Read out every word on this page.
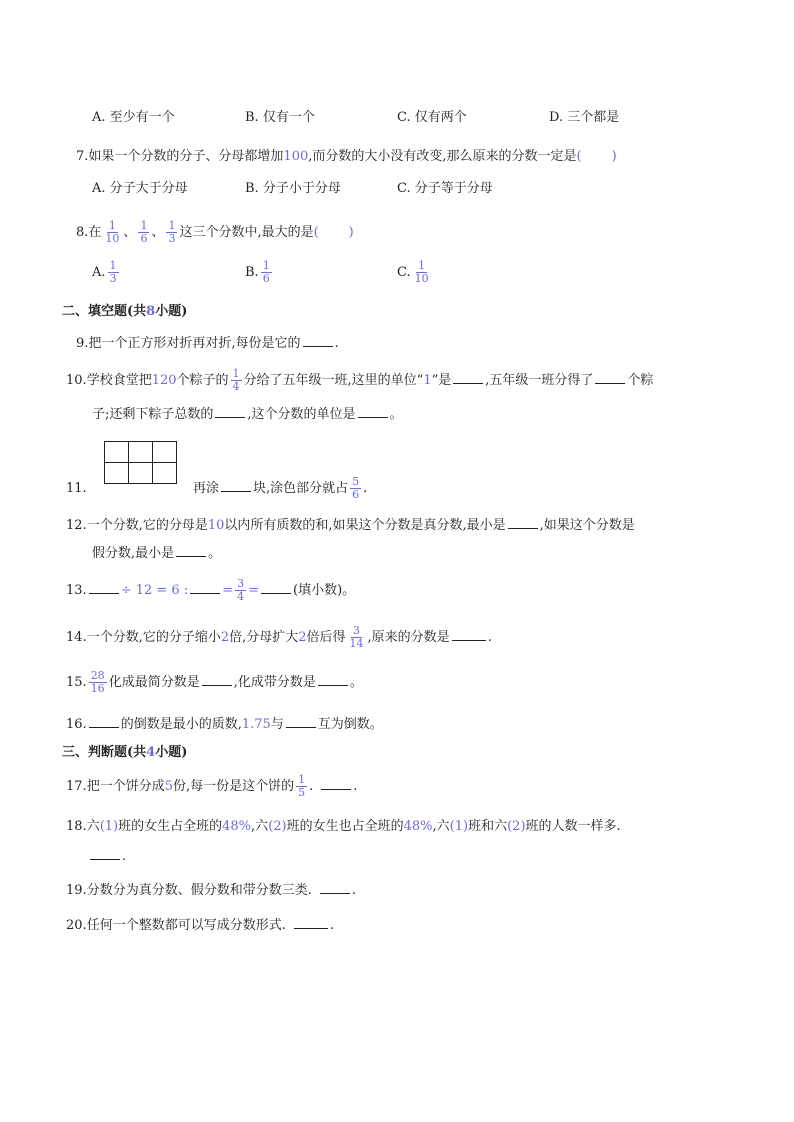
A. 至少有一个	B. 仅有一个	C. 仅有两个	D. 三个都是
7.如果一个分数的分子、分母都增加100,而分数的大小没有改变,那么原来的分数一定是( )
A. 分子大于分母	B. 分子小于分母	C. 分子等于分母
8.在 $\frac{1}{10}$ 、 $\frac{1}{6}$ 、 $\frac{1}{3}$ 这三个分数中,最大的是( )
A. $\frac{1}{3}$	B. $\frac{1}{6}$	C. $\frac{1}{10}$
二、填空题(共8小题)
9.把一个正方形对折再对折,每份是它的	.
10.学校食堂把120个粽子的 $\frac{1}{4}$ 分给了五年级一班,这里的单位“1”是	,五年级一班分得了	个粽
子;还剩下粽子总数的	,这个分数的单位是	。

11.	再涂	块,涂色部分就占 $\frac{5}{6}$ .
12.一个分数,它的分母是10以内所有质数的和,如果这个分数是真分数,最小是	,如果这个分数是
假分数,最小是	。
13.	÷ 12 = 6 :	= $\frac{3}{4}$ =	(填小数)。
14.一个分数,它的分子缩小2倍,分母扩大2倍后得 $\frac{3}{14}$ ,原来的分数是	.
15. $\frac{28}{16}$ 化成最简分数是	,化成带分数是	。
16.	的倒数是最小的质数,1.75与	互为倒数。
三、判断题(共4小题)
17.把一个饼分成5份,每一份是这个饼的 $\frac{1}{5}$ .	.
18.六(1)班的女生占全班的48%,六(2)班的女生也占全班的48%,六(1)班和六(2)班的人数一样多.
.
19.分数分为真分数、假分数和带分数三类.	.
20.任何一个整数都可以写成分数形式.	.
